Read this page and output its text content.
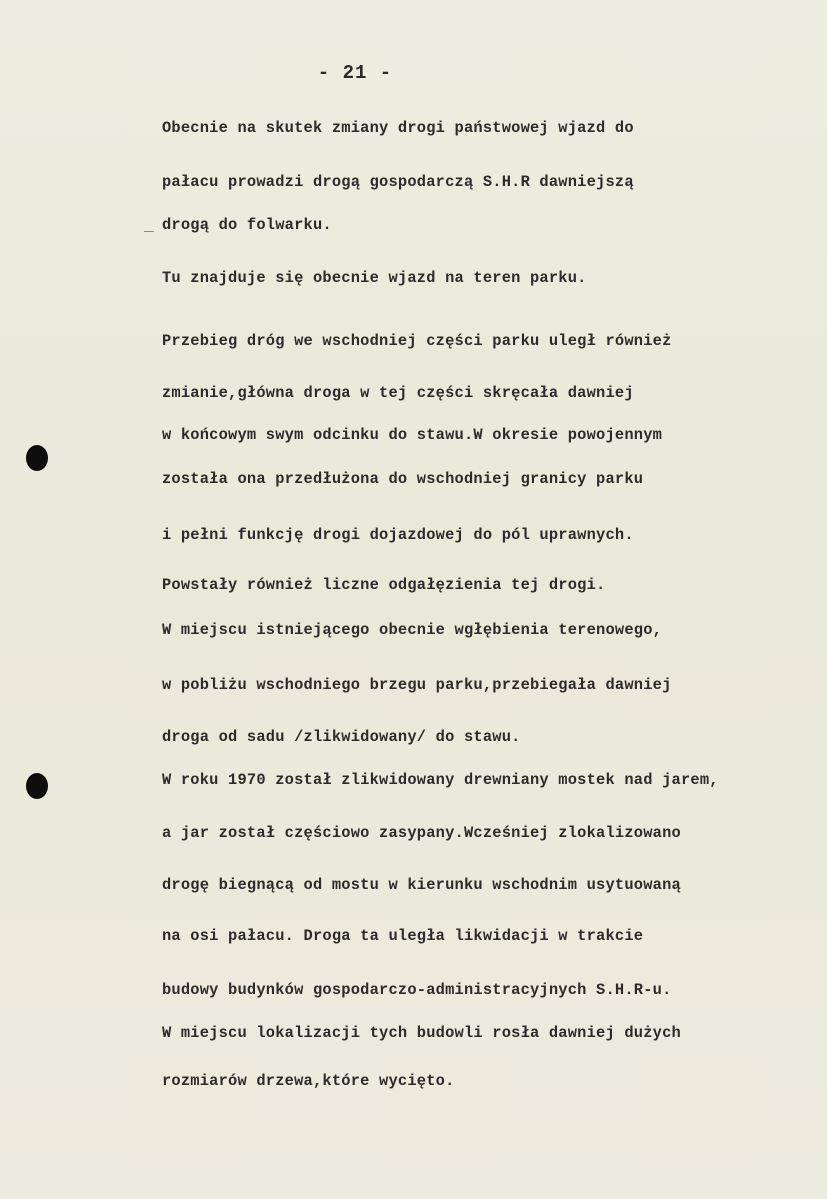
- 21 -
Obecnie na skutek zmiany drogi państwowej wjazd do
pałacu prowadzi drogą gospodarczą S.H.R dawniejszą
drogą do folwarku.
Tu znajduje się obecnie wjazd na teren parku.
Przebieg dróg we wschodniej części parku uległ również
zmianie,główna droga w tej części skręcała dawniej
w końcowym swym odcinku do stawu.W okresie powojennym
została ona przedłużona do wschodniej granicy parku
i pełni funkcję drogi dojazdowej do pól uprawnych.
Powstały również liczne odgałęzienia tej drogi.
W miejscu istniejącego obecnie wgłębienia terenowego,
w pobliżu wschodniego brzegu parku,przebiegała dawniej
droga od sadu /zlikwidowany/ do stawu.
W roku 1970 został zlikwidowany drewniany mostek nad jarem,
a jar został częściowo zasypany.Wcześniej zlokalizowano
drogę biegnącą od mostu w kierunku wschodnim usytuowaną
na osi pałacu. Droga ta uległa likwidacji w trakcie
budowy budynków gospodarczo-administracyjnych S.H.R-u.
W miejscu lokalizacji tych budowli rosła dawniej dużych
rozmiarów drzewa,które wycięto.
